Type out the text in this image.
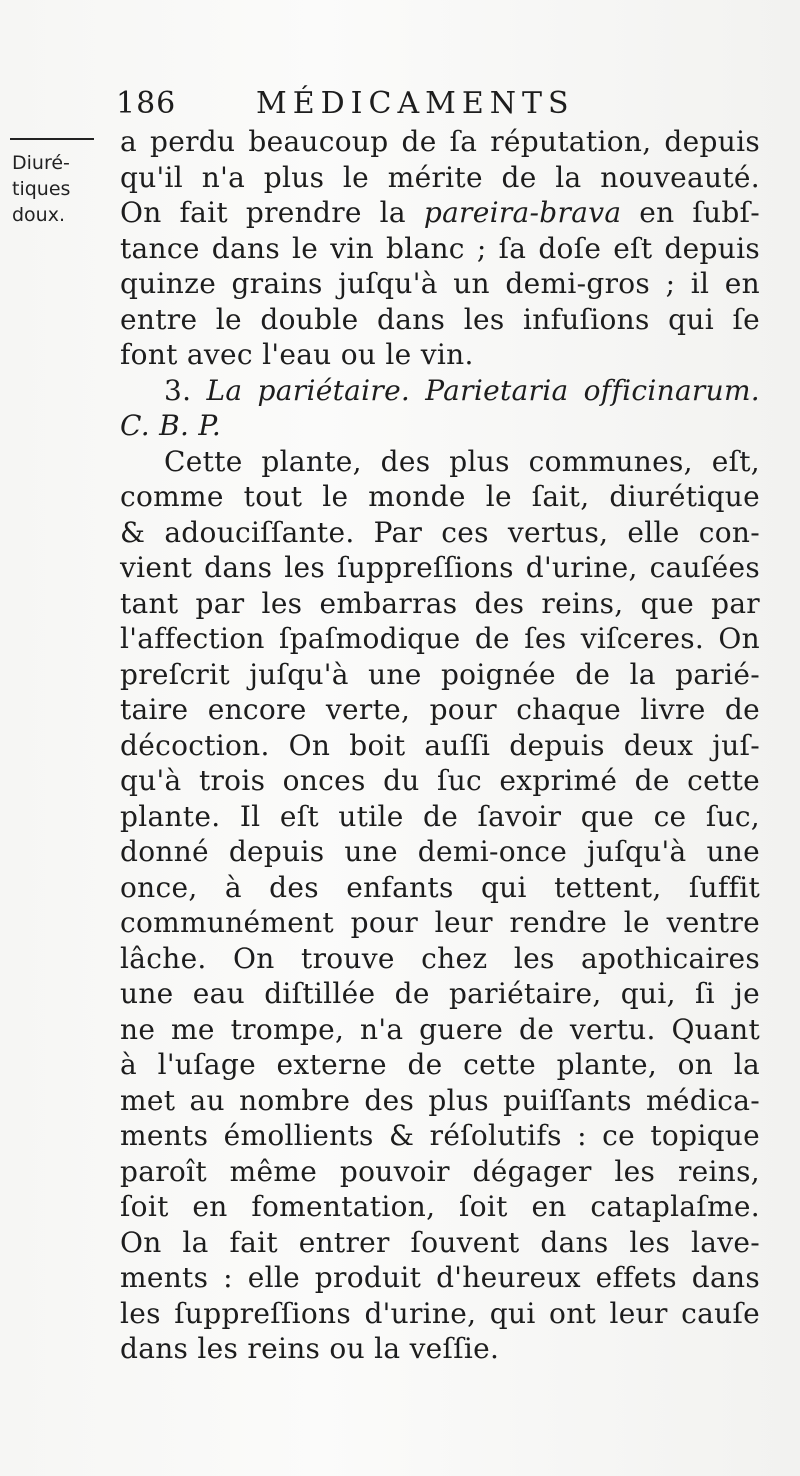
186	MÉDICAMENTS
Diuré-
tiques
doux.
a perdu beaucoup de ſa réputation, depuis
qu'il n'a plus le mérite de la nouveauté.
On fait prendre la pareira-brava en ſubſ-
tance dans le vin blanc ; ſa doſe eſt depuis
quinze grains juſqu'à un demi-gros ; il en
entre le double dans les infuſions qui ſe
font avec l'eau ou le vin.
3. La pariétaire. Parietaria officinarum.
C. B. P.
Cette plante, des plus communes, eſt,
comme tout le monde le ſait, diurétique
& adouciſſante. Par ces vertus, elle con-
vient dans les ſuppreſſions d'urine, cauſées
tant par les embarras des reins, que par
l'affection ſpaſmodique de ſes viſceres. On
preſcrit juſqu'à une poignée de la parié-
taire encore verte, pour chaque livre de
décoction. On boit auſſi depuis deux juſ-
qu'à trois onces du ſuc exprimé de cette
plante. Il eſt utile de ſavoir que ce ſuc,
donné depuis une demi-once juſqu'à une
once, à des enfants qui tettent, ſuffit
communément pour leur rendre le ventre
lâche. On trouve chez les apothicaires
une eau diſtillée de pariétaire, qui, ſi je
ne me trompe, n'a guere de vertu. Quant
à l'uſage externe de cette plante, on la
met au nombre des plus puiſſants médica-
ments émollients & réſolutifs : ce topique
paroît même pouvoir dégager les reins,
ſoit en fomentation, ſoit en cataplaſme.
On la fait entrer ſouvent dans les lave-
ments : elle produit d'heureux effets dans
les ſuppreſſions d'urine, qui ont leur cauſe
dans les reins ou la veſſie.
